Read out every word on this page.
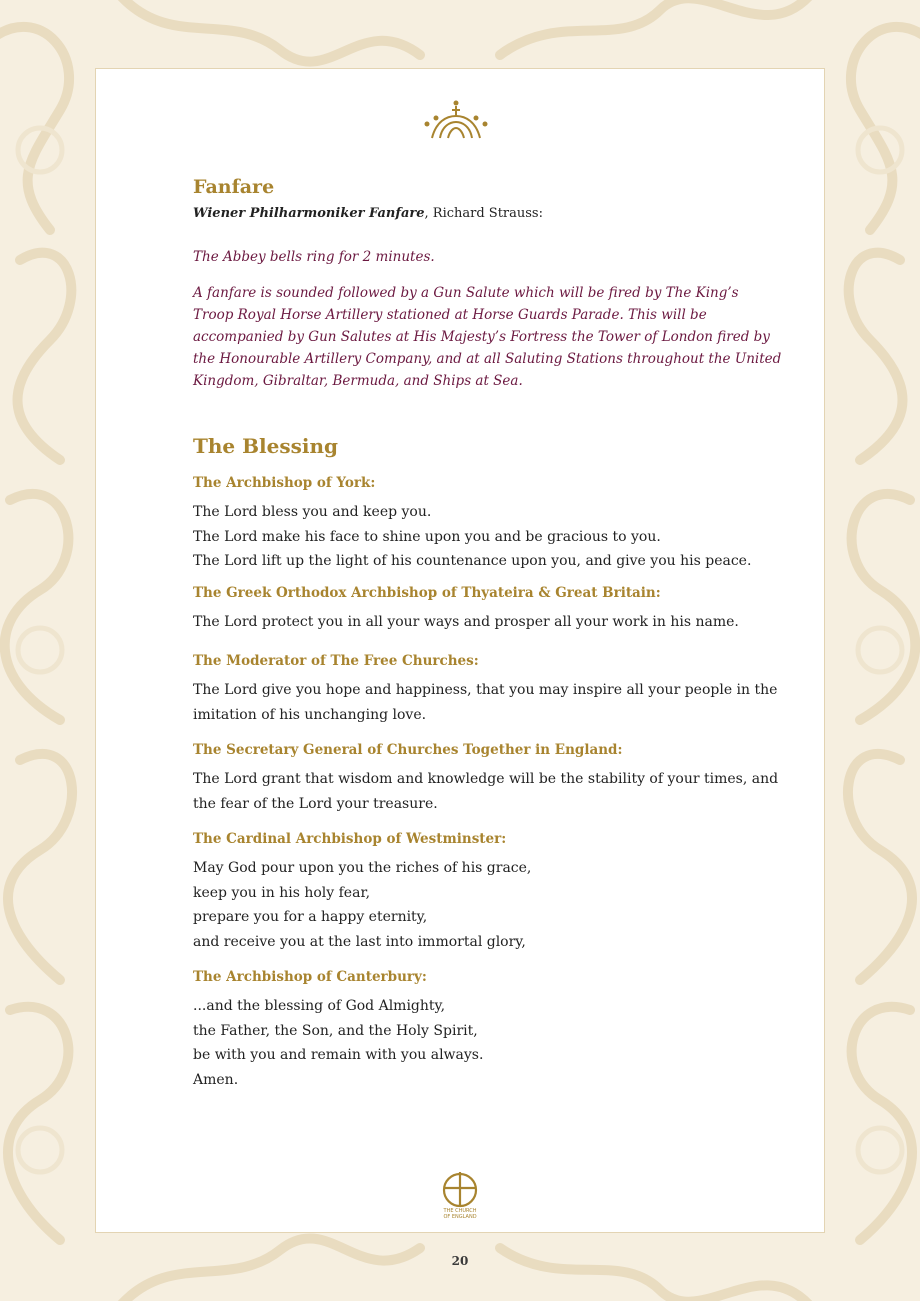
Fanfare

Wiener Philharmoniker Fanfare, Richard Strauss:

The Abbey bells ring for 2 minutes.

A fanfare is sounded followed by a Gun Salute which will be fired by The King’s Troop Royal Horse Artillery stationed at Horse Guards Parade. This will be accompanied by Gun Salutes at His Majesty’s Fortress the Tower of London fired by the Honourable Artillery Company, and at all Saluting Stations throughout the United Kingdom, Gibraltar, Bermuda, and Ships at Sea.

The Blessing

The Archbishop of York:

The Lord bless you and keep you.
The Lord make his face to shine upon you and be gracious to you.
The Lord lift up the light of his countenance upon you, and give you his peace.

The Greek Orthodox Archbishop of Thyateira & Great Britain:

The Lord protect you in all your ways and prosper all your work in his name.

The Moderator of The Free Churches:

The Lord give you hope and happiness, that you may inspire all your people in the imitation of his unchanging love.

The Secretary General of Churches Together in England:

The Lord grant that wisdom and knowledge will be the stability of your times, and the fear of the Lord your treasure.

The Cardinal Archbishop of Westminster:

May God pour upon you the riches of his grace,
keep you in his holy fear,
prepare you for a happy eternity,
and receive you at the last into immortal glory,

The Archbishop of Canterbury:

...and the blessing of God Almighty,
the Father, the Son, and the Holy Spirit,
be with you and remain with you always.
Amen.

THE CHURCH
OF ENGLAND
20
